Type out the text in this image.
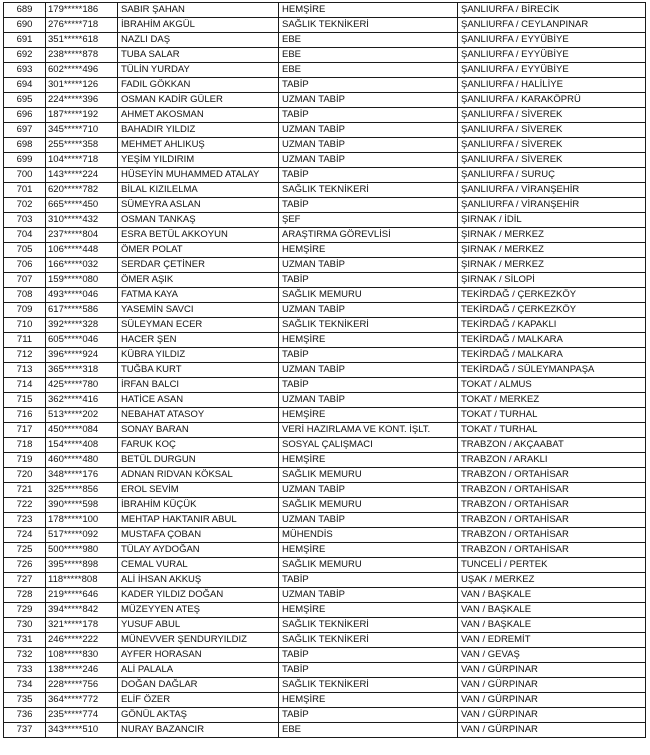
689	179*****186	SABIR ŞAHAN	HEMŞİRE	ŞANLIURFA / BİRECİK
690	276*****718	İBRAHİM AKGÜL	SAĞLIK TEKNİKERİ	ŞANLIURFA / CEYLANPINAR
691	351*****618	NAZLI DAŞ	EBE	ŞANLIURFA / EYYÜBİYE
692	238*****878	TUBA SALAR	EBE	ŞANLIURFA / EYYÜBİYE
693	602*****496	TÜLİN YURDAY	EBE	ŞANLIURFA / EYYÜBİYE
694	301*****126	FADIL GÖKKAN	TABİP	ŞANLIURFA / HALİLİYE
695	224*****396	OSMAN KADİR GÜLER	UZMAN TABİP	ŞANLIURFA / KARAKÖPRÜ
696	187*****192	AHMET AKOSMAN	TABİP	ŞANLIURFA / SİVEREK
697	345*****710	BAHADIR YILDIZ	UZMAN TABİP	ŞANLIURFA / SİVEREK
698	255*****358	MEHMET AHLIKUŞ	UZMAN TABİP	ŞANLIURFA / SİVEREK
699	104*****718	YEŞİM YILDIRIM	UZMAN TABİP	ŞANLIURFA / SİVEREK
700	143*****224	HÜSEYİN MUHAMMED ATALAY	TABİP	ŞANLIURFA / SURUÇ
701	620*****782	BİLAL KIZILELMA	SAĞLIK TEKNİKERİ	ŞANLIURFA / VİRANŞEHİR
702	665*****450	SÜMEYRA ASLAN	TABİP	ŞANLIURFA / VİRANŞEHİR
703	310*****432	OSMAN TANKAŞ	ŞEF	ŞIRNAK / İDİL
704	237*****804	ESRA BETÜL AKKOYUN	ARAŞTIRMA GÖREVLİSİ	ŞIRNAK / MERKEZ
705	106*****448	ÖMER POLAT	HEMŞİRE	ŞIRNAK / MERKEZ
706	166*****032	SERDAR ÇETİNER	UZMAN TABİP	ŞIRNAK / MERKEZ
707	159*****080	ÖMER AŞIK	TABİP	ŞIRNAK / SİLOPİ
708	493*****046	FATMA KAYA	SAĞLIK MEMURU	TEKİRDAĞ / ÇERKEZKÖY
709	617*****586	YASEMİN SAVCI	UZMAN TABİP	TEKİRDAĞ / ÇERKEZKÖY
710	392*****328	SÜLEYMAN ECER	SAĞLIK TEKNİKERİ	TEKİRDAĞ / KAPAKLI
711	605*****046	HACER ŞEN	HEMŞİRE	TEKİRDAĞ / MALKARA
712	396*****924	KÜBRA YILDIZ	TABİP	TEKİRDAĞ / MALKARA
713	365*****318	TUĞBA KURT	UZMAN TABİP	TEKİRDAĞ / SÜLEYMANPAŞA
714	425*****780	İRFAN BALCI	TABİP	TOKAT / ALMUS
715	362*****416	HATİCE ASAN	UZMAN TABİP	TOKAT / MERKEZ
716	513*****202	NEBAHAT ATASOY	HEMŞİRE	TOKAT / TURHAL
717	450*****084	SONAY BARAN	VERİ HAZIRLAMA VE KONT. İŞLT.	TOKAT / TURHAL
718	154*****408	FARUK KOÇ	SOSYAL ÇALIŞMACI	TRABZON / AKÇAABAT
719	460*****480	BETÜL DURGUN	HEMŞİRE	TRABZON / ARAKLI
720	348*****176	ADNAN RIDVAN KÖKSAL	SAĞLIK MEMURU	TRABZON / ORTAHİSAR
721	325*****856	EROL SEVİM	UZMAN TABİP	TRABZON / ORTAHİSAR
722	390*****598	İBRAHİM KÜÇÜK	SAĞLIK MEMURU	TRABZON / ORTAHİSAR
723	178*****100	MEHTAP HAKTANIR ABUL	UZMAN TABİP	TRABZON / ORTAHİSAR
724	517*****092	MUSTAFA ÇOBAN	MÜHENDİS	TRABZON / ORTAHİSAR
725	500*****980	TÜLAY AYDOĞAN	HEMŞİRE	TRABZON / ORTAHİSAR
726	395*****898	CEMAL VURAL	SAĞLIK MEMURU	TUNCELİ / PERTEK
727	118*****808	ALİ İHSAN AKKUŞ	TABİP	UŞAK / MERKEZ
728	219*****646	KADER YILDIZ DOĞAN	UZMAN TABİP	VAN / BAŞKALE
729	394*****842	MÜZEYYEN ATEŞ	HEMŞİRE	VAN / BAŞKALE
730	321*****178	YUSUF ABUL	SAĞLIK TEKNİKERİ	VAN / BAŞKALE
731	246*****222	MÜNEVVER ŞENDURYILDIZ	SAĞLIK TEKNİKERİ	VAN / EDREMİT
732	108*****830	AYFER HORASAN	TABİP	VAN / GEVAŞ
733	138*****246	ALİ PALALA	TABİP	VAN / GÜRPINAR
734	228*****756	DOĞAN DAĞLAR	SAĞLIK TEKNİKERİ	VAN / GÜRPINAR
735	364*****772	ELİF ÖZER	HEMŞİRE	VAN / GÜRPINAR
736	235*****774	GÖNÜL AKTAŞ	TABİP	VAN / GÜRPINAR
737	343*****510	NURAY BAZANCIR	EBE	VAN / GÜRPINAR
